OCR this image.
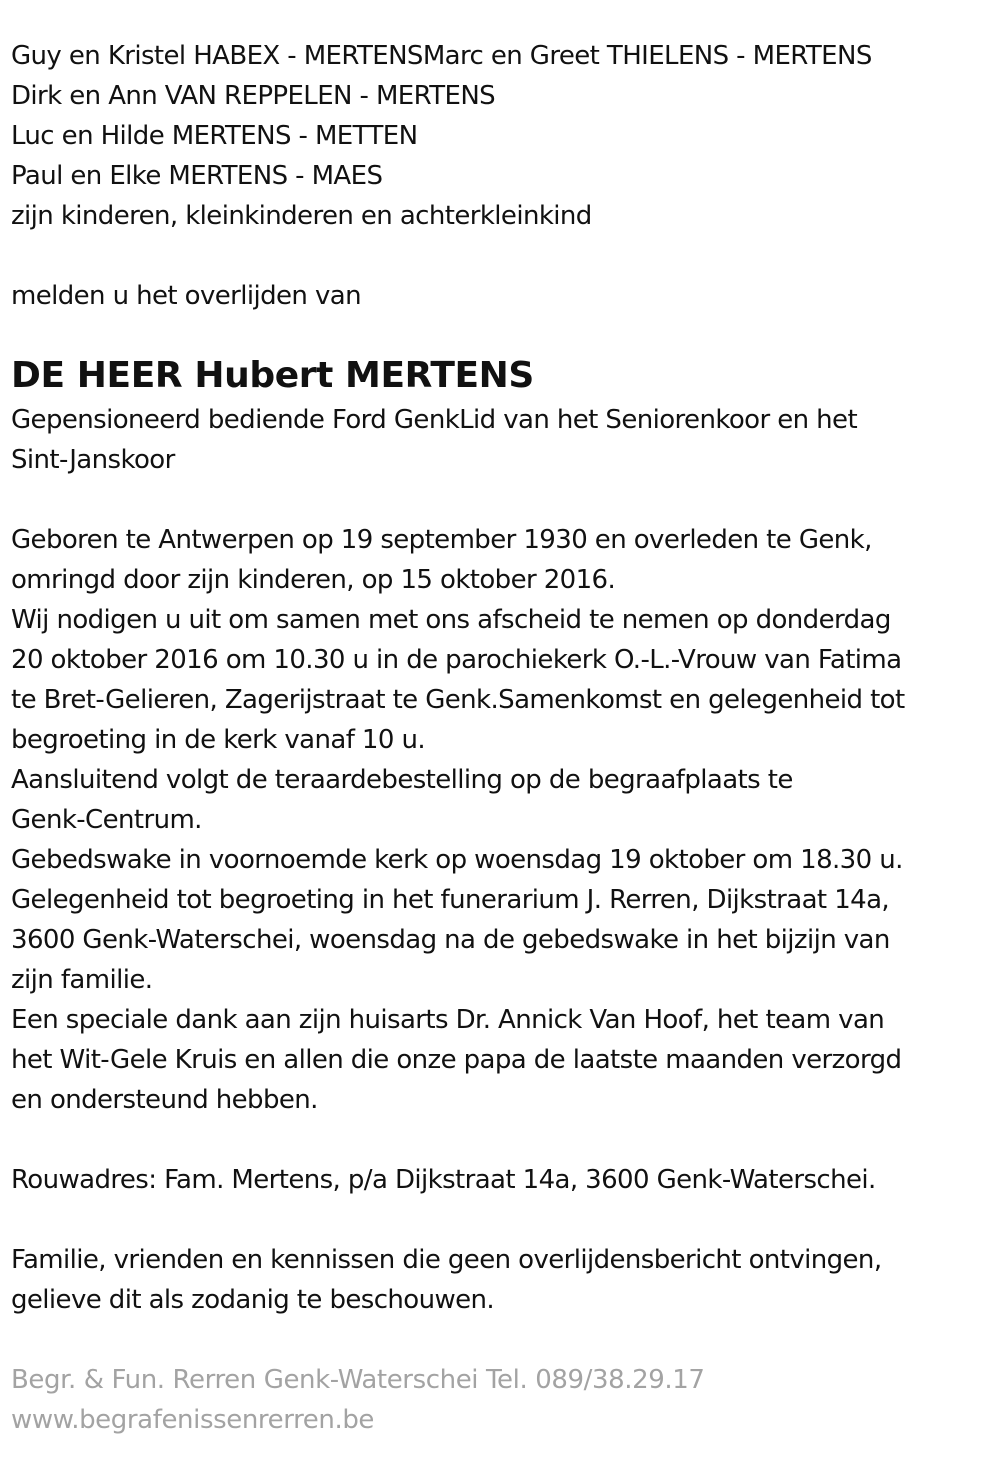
Guy en Kristel HABEX - MERTENSMarc en Greet THIELENS - MERTENS
Dirk en Ann VAN REPPELEN - MERTENS
Luc en Hilde MERTENS - METTEN
Paul en Elke MERTENS - MAES
zijn kinderen, kleinkinderen en achterkleinkind
melden u het overlijden van
DE HEER Hubert MERTENS
Gepensioneerd bediende Ford GenkLid van het Seniorenkoor en het
Sint-Janskoor
Geboren te Antwerpen op 19 september 1930 en overleden te Genk,
omringd door zijn kinderen, op 15 oktober 2016.
Wij nodigen u uit om samen met ons afscheid te nemen op donderdag
20 oktober 2016 om 10.30 u in de parochiekerk O.-L.-Vrouw van Fatima
te Bret-Gelieren, Zagerijstraat te Genk.Samenkomst en gelegenheid tot
begroeting in de kerk vanaf 10 u.
Aansluitend volgt de teraardebestelling op de begraafplaats te
Genk-Centrum.
Gebedswake in voornoemde kerk op woensdag 19 oktober om 18.30 u.
Gelegenheid tot begroeting in het funerarium J. Rerren, Dijkstraat 14a,
3600 Genk-Waterschei, woensdag na de gebedswake in het bijzijn van
zijn familie.
Een speciale dank aan zijn huisarts Dr. Annick Van Hoof, het team van
het Wit-Gele Kruis en allen die onze papa de laatste maanden verzorgd
en ondersteund hebben.
Rouwadres: Fam. Mertens, p/a Dijkstraat 14a, 3600 Genk-Waterschei.
Familie, vrienden en kennissen die geen overlijdensbericht ontvingen,
gelieve dit als zodanig te beschouwen.
Begr. & Fun. Rerren Genk-Waterschei Tel. 089/38.29.17
www.begrafenissenrerren.be
